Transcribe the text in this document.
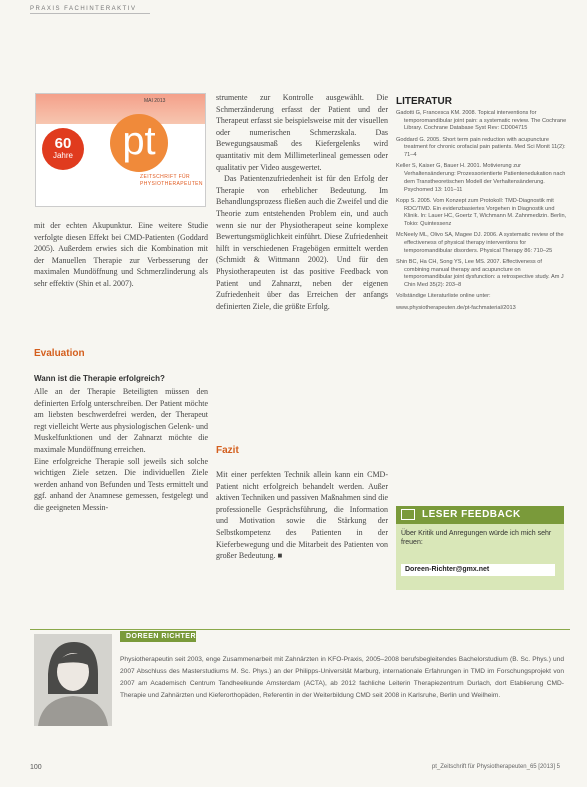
PRAXIS FACHINTERAKTIV
MAI 2013
60
Jahre	pt
ZEITSCHRIFT FÜR
PHYSIOTHERAPEUTEN

mit der echten Akupunktur. Eine weitere Studie verfolgte diesen Effekt bei CMD-Patienten (Goddard 2005). Außerdem erwies sich die Kombination mit der Manuellen Therapie zur Verbesserung der maximalen Mundöffnung und Schmerzlinderung als sehr effektiv (Shin et al. 2007).

Evaluation
Wann ist die Therapie erfolgreich?

Alle an der Therapie Beteiligten müssen den definierten Erfolg unterschreiben. Der Patient möchte am liebsten beschwerdefrei werden, der Therapeut regt vielleicht Werte aus physiologischen Gelenk- und Muskelfunktionen und der Zahnarzt möchte die maximale Mundöffnung erreichen.

Eine erfolgreiche Therapie soll jeweils sich solche wichtigen Ziele setzen. Die individuellen Ziele werden anhand von Befunden und Tests ermittelt und ggf. anhand der Anamnese gemessen, festgelegt und die geeigneten Messin-

strumente zur Kontrolle ausgewählt. Die Schmerzänderung erfasst der Patient und der Therapeut erfasst sie beispielsweise mit der visuellen oder numerischen Schmerzskala. Das Bewegungsausmaß des Kiefergelenks wird quantitativ mit dem Millimeterlineal gemessen oder qualitativ per Video ausgewertet.

Das Patientenzufriedenheit ist für den Erfolg der Therapie von erheblicher Bedeutung. Im Behandlungsprozess fließen auch die Zweifel und die Theorie zum entstehenden Problem ein, und auch wenn sie nur der Physiotherapeut seine komplexe Bewertungsmöglichkeit einführt. Diese Zufriedenheit hilft in verschiedenen Fragebögen ermittelt werden (Schmidt & Wittmann 2002). Und für den Physiotherapeuten ist das positive Feedback von Patient und Zahnarzt, neben der eigenen Zufriedenheit über das Erreichen der anfangs definierten Ziele, die größte Erfolg.

Fazit

Mit einer perfekten Technik allein kann ein CMD-Patient nicht erfolgreich behandelt werden. Außer aktiven Techniken und passiven Maßnahmen sind die professionelle Gesprächsführung, die Information und Motivation sowie die Stärkung der Selbstkompetenz des Patienten in der Kieferbewegung und die Mitarbeit des Patienten von großer Bedeutung. ■

LITERATUR

Gadotti G, Francesca KM. 2008. Topical interventions for temporomandibular joint pain: a systematic review. The Cochrane Library. Cochrane Database Syst Rev: CD004715

Goddard G. 2005. Short term pain reduction with acupuncture treatment for chronic orofacial pain patients. Med Sci Monit 11(2): 71–4

Keller S, Kaiser G, Bauer H. 2001. Motivierung zur Verhaltensänderung: Prozessorientierte Patientenedukation nach dem Transtheoretischen Modell der Verhaltensänderung. Psychomed 13: 101–11

Kopp S. 2005. Vom Konzept zum Protokoll: TMD-Diagnostik mit RDC/TMD. Ein evidenzbasiertes Vorgehen in Diagnostik und Klinik. In: Lauer HC, Goertz T, Wichmann M. Zahnmedizin. Berlin, Tokio: Quintessenz

McNeely ML, Olivo SA, Magee DJ. 2006. A systematic review of the effectiveness of physical therapy interventions for temporomandibular disorders. Physical Therapy 86: 710–25

Shin BC, Ha CH, Song YS, Lee MS. 2007. Effectiveness of combining manual therapy and acupuncture on temporomandibular joint dysfunction: a retrospective study. Am J Chin Med 35(2): 203–8

Vollständige Literaturliste online unter:

www.physiotherapeuten.de/pt-fachmaterial/2013

LESER FEEDBACK
Über Kritik und Anregungen würde ich mich sehr freuen:
Doreen-Richter@gmx.net
DOREEN RICHTER
Physiotherapeutin seit 2003, enge Zusammenarbeit mit Zahnärzten in KFO-Praxis, 2005–2008 berufsbegleitendes Bachelorstudium (B. Sc. Phys.) und 2007 Abschluss des Masterstudiums M. Sc. Phys.) an der Philipps-Universität Marburg, internationale Erfahrungen in TMD im Forschungsprojekt von 2007 am Academisch Centrum Tandheelkunde Amsterdam (ACTA), ab 2012 fachliche Leiterin Therapiezentrum Durlach, dort Etablierung CMD-Therapie und Zahnärzten und Kieferorthopäden, Referentin in der Weiterbildung CMD seit 2008 in Karlsruhe, Berlin und Weilheim.
100	pt_Zeitschrift für Physiotherapeuten_65 [2013] 5
